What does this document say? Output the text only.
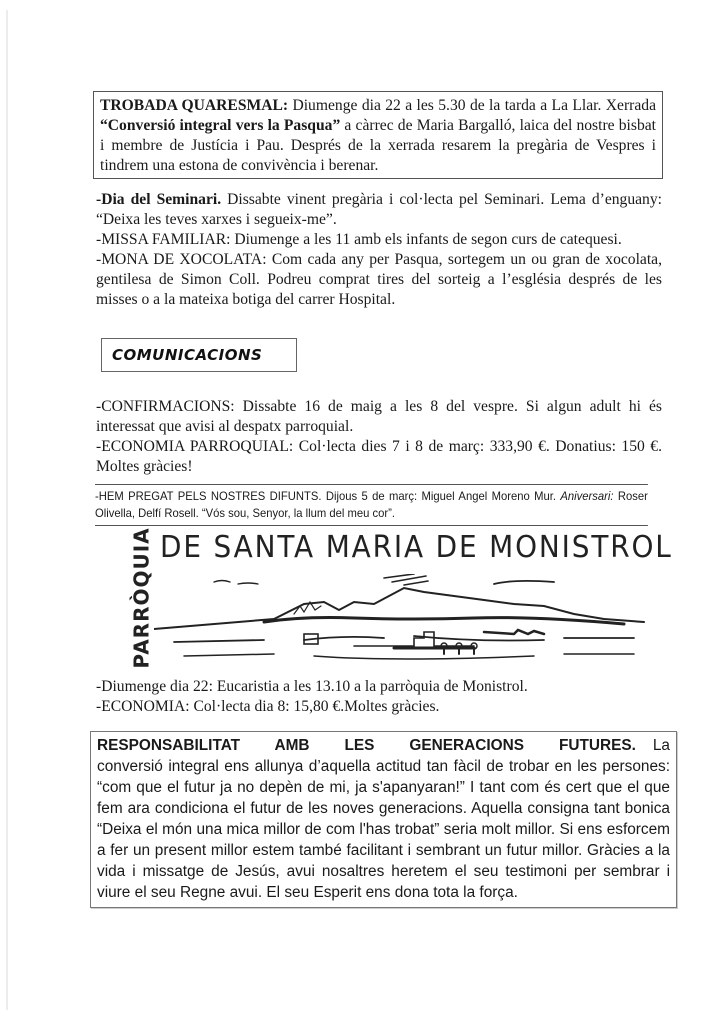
TROBADA QUARESMAL: Diumenge dia 22 a les 5.30 de la tarda a La Llar. Xerrada “Conversió integral vers la Pasqua” a càrrec de Maria Bargalló, laica del nostre bisbat i membre de Justícia i Pau. Després de la xerrada resarem la pregària de Vespres i tindrem una estona de convivència i berenar.

-Dia del Seminari. Dissabte vinent pregària i col·lecta pel Seminari. Lema d’enguany: “Deixa les teves xarxes i segueix-me”.

-MISSA FAMILIAR: Diumenge a les 11 amb els infants de segon curs de catequesi.

-MONA DE XOCOLATA: Com cada any per Pasqua, sortegem un ou gran de xocolata, gentilesa de Simon Coll. Podreu comprat tires del sorteig a l’església després de les misses o a la mateixa botiga del carrer Hospital.

COMUNICACIONS

-CONFIRMACIONS: Dissabte 16 de maig a les 8 del vespre. Si algun adult hi és interessat que avisi al despatx parroquial.

-ECONOMIA PARROQUIAL: Col·lecta dies 7 i 8 de març: 333,90 €. Donatius: 150 €. Moltes gràcies!

-HEM PREGAT PELS NOSTRES DIFUNTS. Dijous 5 de març: Miguel Angel Moreno Mur. Aniversari: Roser Olivella, Delfí Rosell. “Vós sou, Senyor, la llum del meu cor”.
PARRÒQUIA DE SANTA MARIA DE MONISTROL

-Diumenge dia 22: Eucaristia a les 13.10 a la parròquia de Monistrol.

-ECONOMIA: Col·lecta dia 8: 15,80 €.Moltes gràcies.

RESPONSABILITAT AMB LES GENERACIONS FUTURES. La conversió integral ens allunya d’aquella actitud tan fàcil de trobar en les persones: “com que el futur ja no depèn de mi, ja s'apanyaran!” I tant com és cert que el que fem ara condiciona el futur de les noves generacions. Aquella consigna tant bonica “Deixa el món una mica millor de com l'has trobat” seria molt millor. Si ens esforcem a fer un present millor estem també facilitant i sembrant un futur millor. Gràcies a la vida i missatge de Jesús, avui nosaltres heretem el seu testimoni per sembrar i viure el seu Regne avui. El seu Esperit ens dona tota la força.
